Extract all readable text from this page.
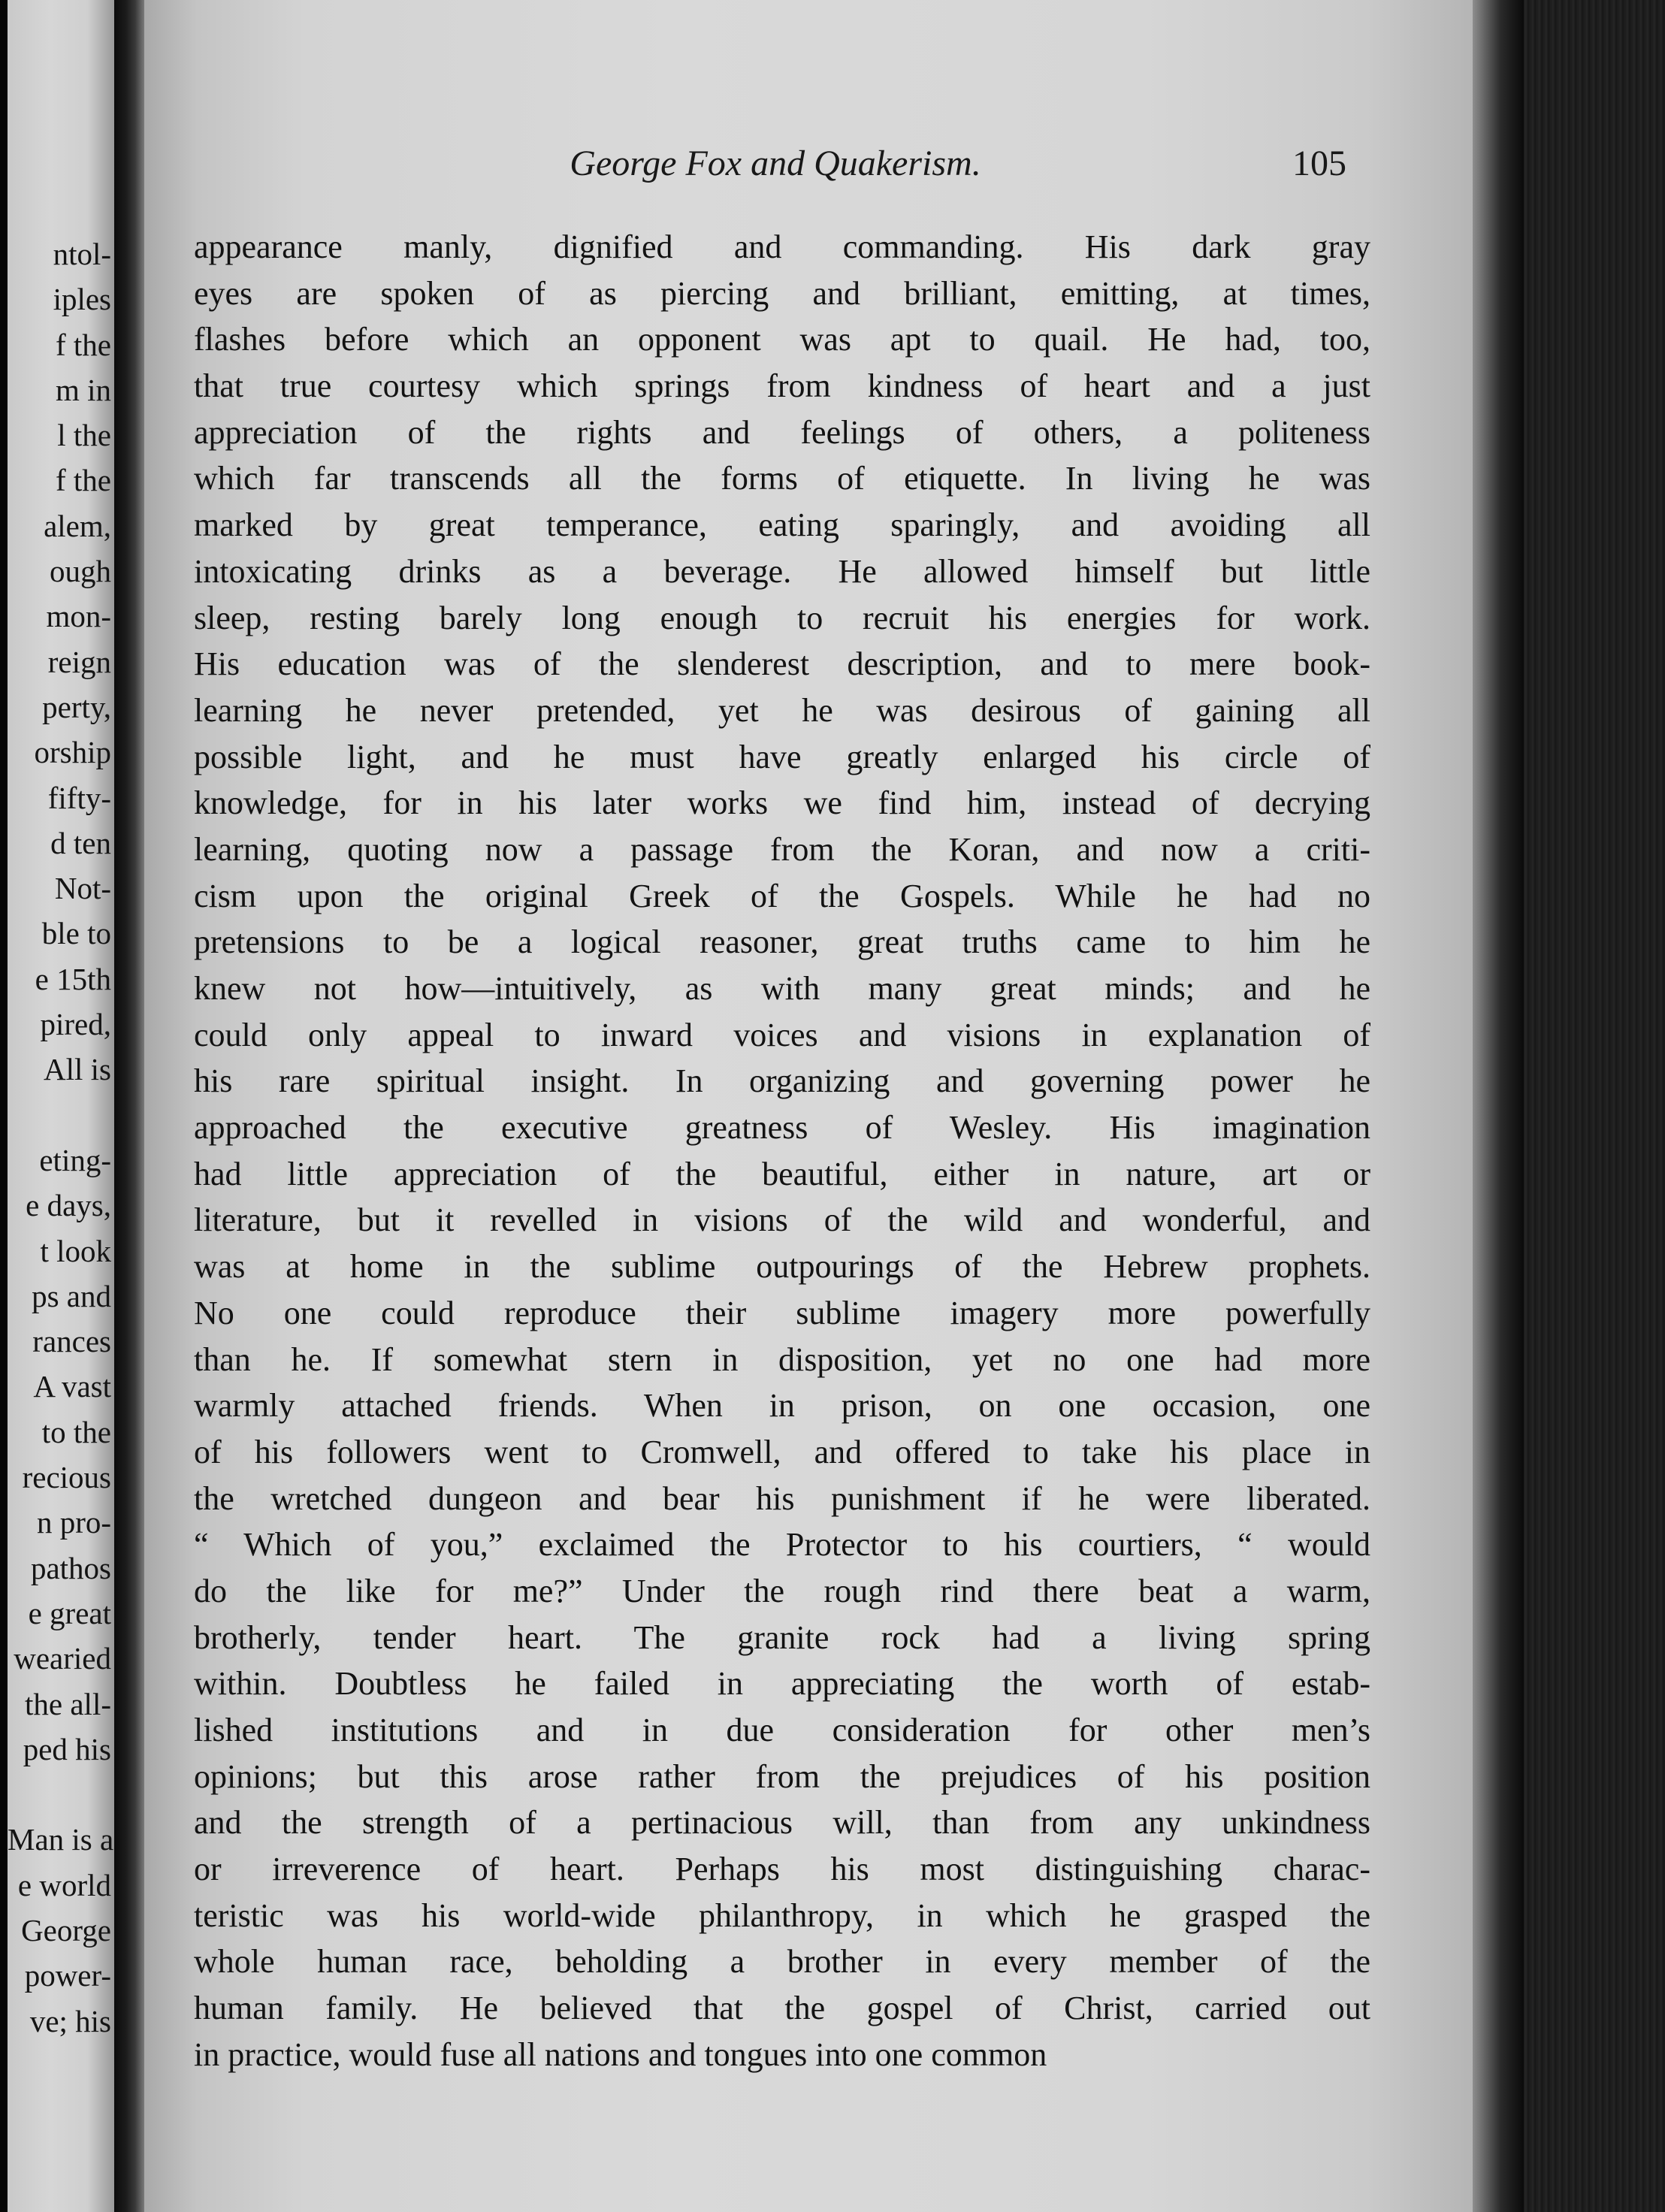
ntol-
iples
f the
m in
l the
f the
alem,
ough
mon-
reign
perty,
orship
fifty-
d ten
Not-
ble to
e 15th
pired,
All is
eting-
e days,
t look
ps and
rances
A vast
to the
recious
n pro-
pathos
e great
wearied
the all-
ped his
Man is a
e world
George
power-
ve; his
George Fox and Quakerism.	105
appearance manly, dignified and commanding. His dark gray
eyes are spoken of as piercing and brilliant, emitting, at times,
flashes before which an opponent was apt to quail. He had, too,
that true courtesy which springs from kindness of heart and a just
appreciation of the rights and feelings of others, a politeness
which far transcends all the forms of etiquette. In living he was
marked by great temperance, eating sparingly, and avoiding all
intoxicating drinks as a beverage. He allowed himself but little
sleep, resting barely long enough to recruit his energies for work.
His education was of the slenderest description, and to mere book-
learning he never pretended, yet he was desirous of gaining all
possible light, and he must have greatly enlarged his circle of
knowledge, for in his later works we find him, instead of decrying
learning, quoting now a passage from the Koran, and now a criti-
cism upon the original Greek of the Gospels. While he had no
pretensions to be a logical reasoner, great truths came to him he
knew not how—intuitively, as with many great minds; and he
could only appeal to inward voices and visions in explanation of
his rare spiritual insight. In organizing and governing power he
approached the executive greatness of Wesley. His imagination
had little appreciation of the beautiful, either in nature, art or
literature, but it revelled in visions of the wild and wonderful, and
was at home in the sublime outpourings of the Hebrew prophets.
No one could reproduce their sublime imagery more powerfully
than he. If somewhat stern in disposition, yet no one had more
warmly attached friends. When in prison, on one occasion, one
of his followers went to Cromwell, and offered to take his place in
the wretched dungeon and bear his punishment if he were liberated.
“ Which of you,” exclaimed the Protector to his courtiers, “ would
do the like for me?” Under the rough rind there beat a warm,
brotherly, tender heart. The granite rock had a living spring
within. Doubtless he failed in appreciating the worth of estab-
lished institutions and in due consideration for other men’s
opinions; but this arose rather from the prejudices of his position
and the strength of a pertinacious will, than from any unkindness
or irreverence of heart. Perhaps his most distinguishing charac-
teristic was his world-wide philanthropy, in which he grasped the
whole human race, beholding a brother in every member of the
human family. He believed that the gospel of Christ, carried out
in practice, would fuse all nations and tongues into one common
